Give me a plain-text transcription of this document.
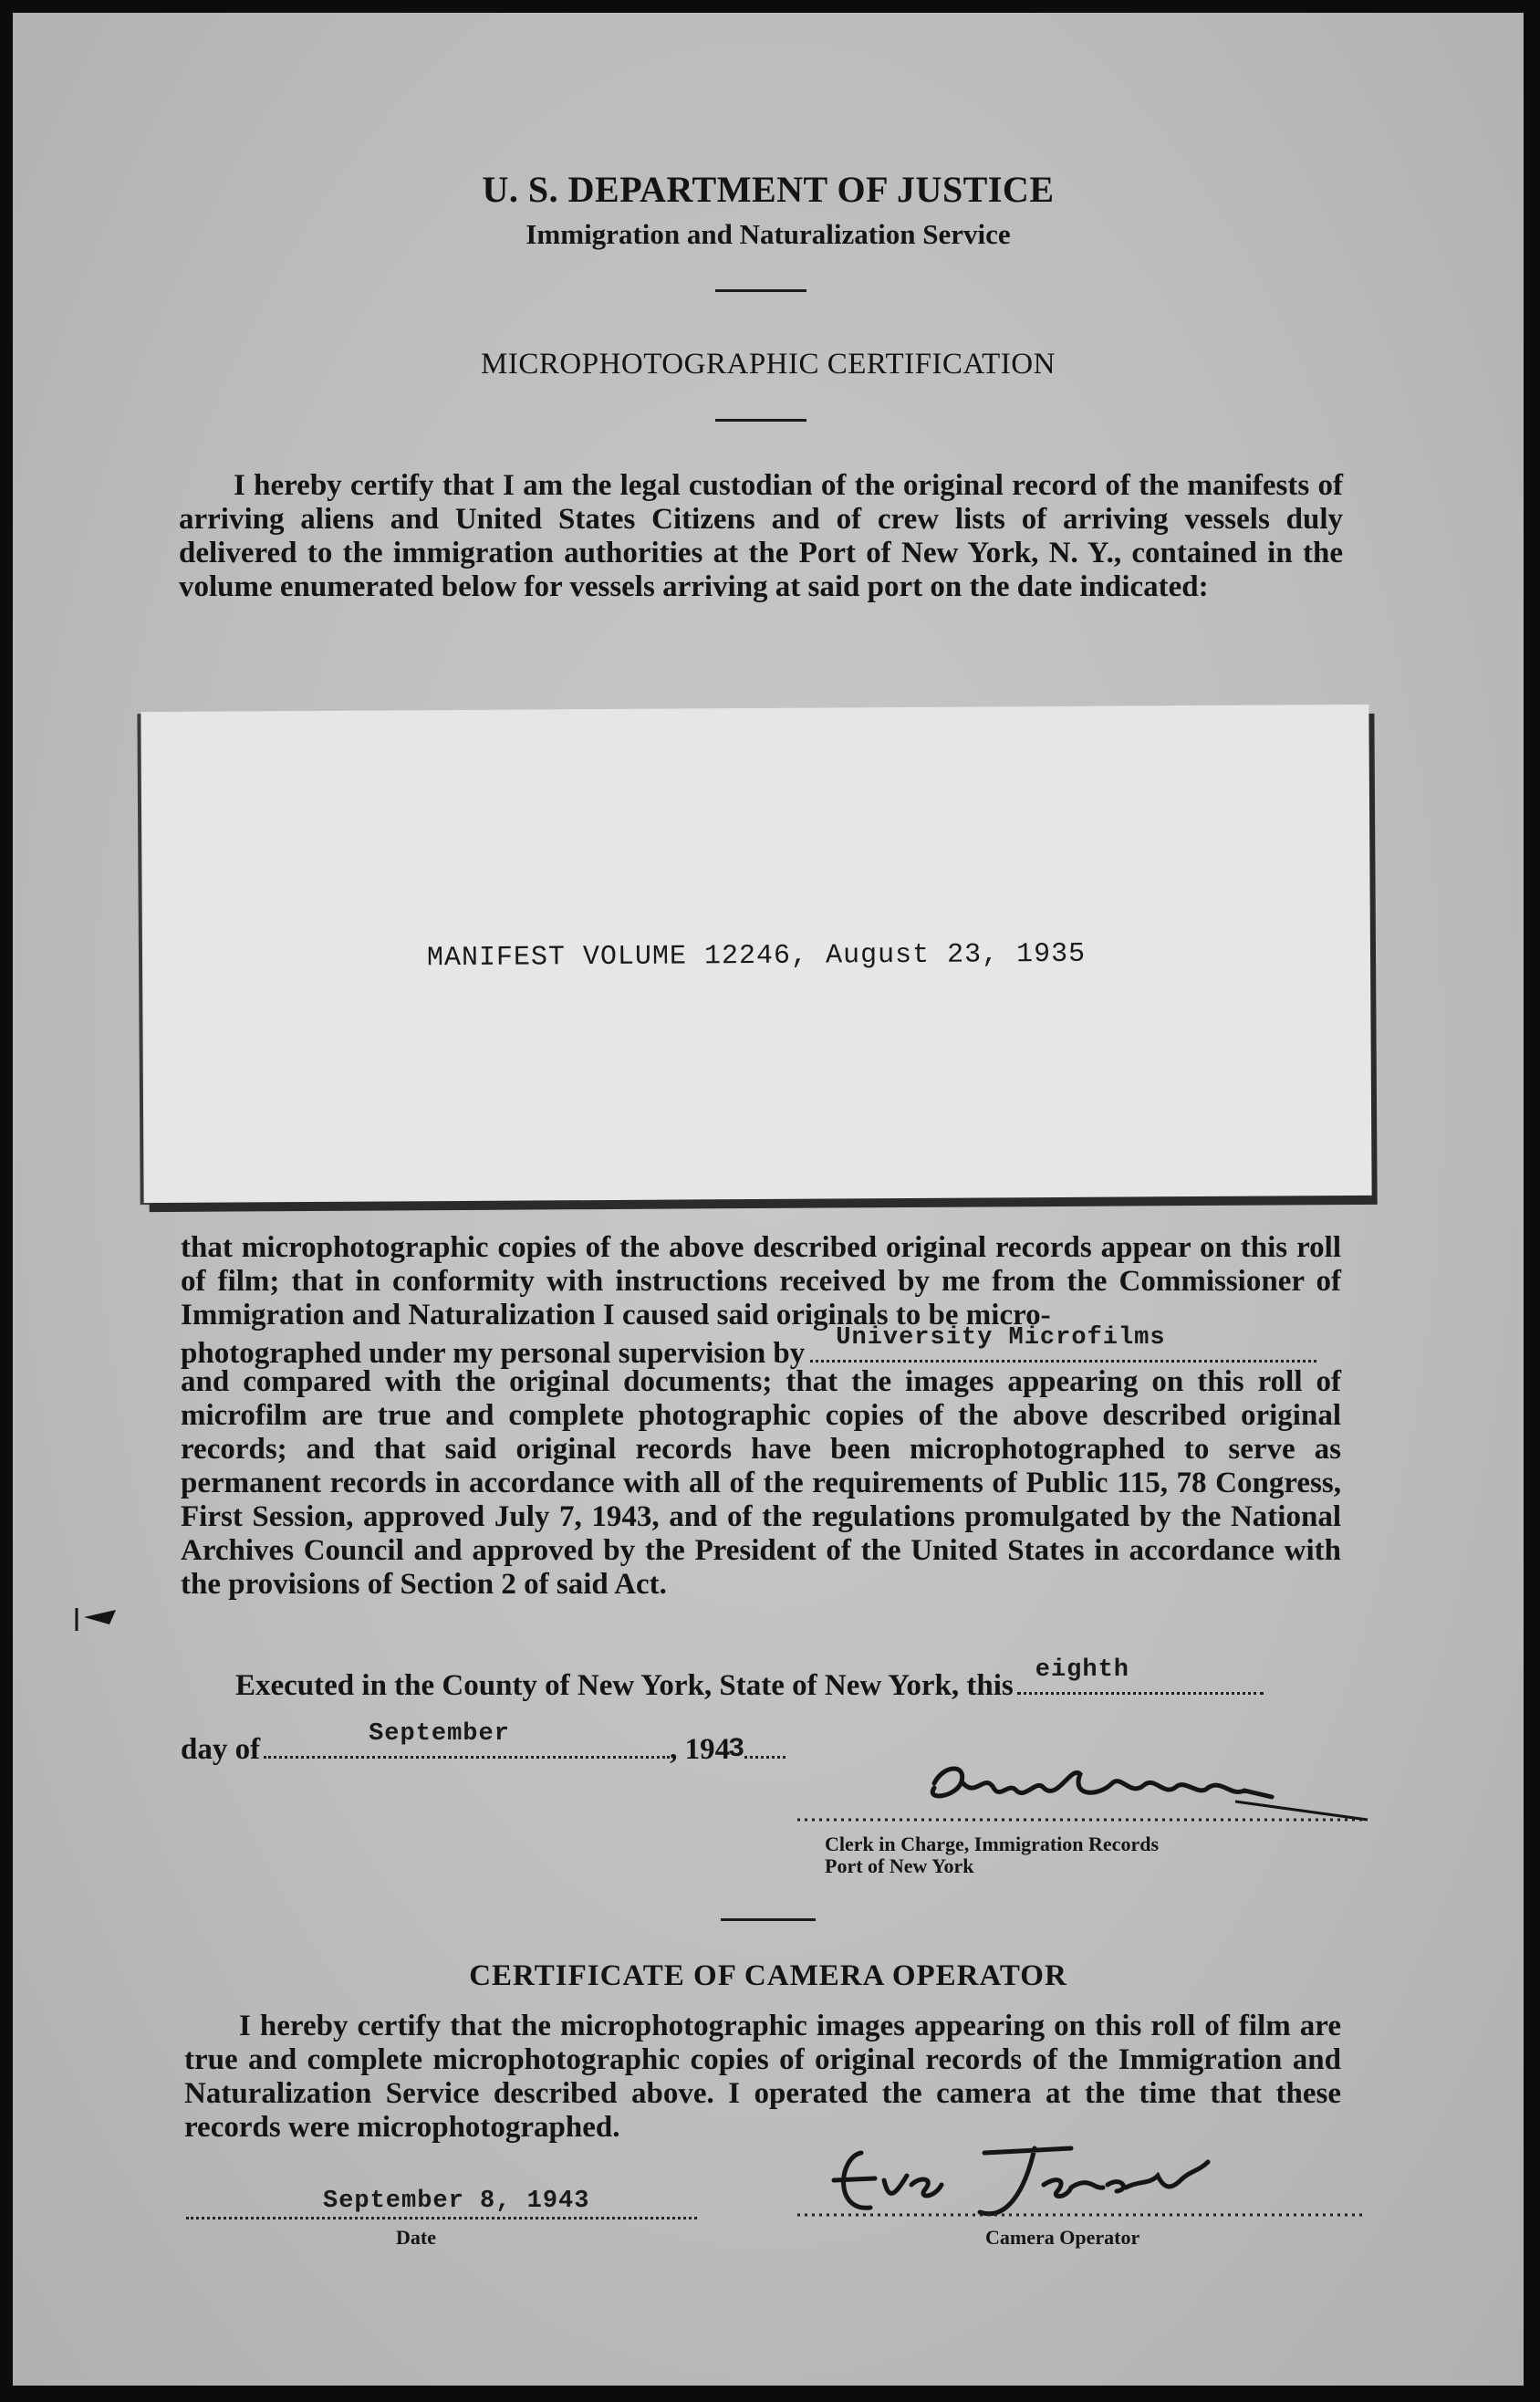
U. S. DEPARTMENT OF JUSTICE
Immigration and Naturalization Service
MICROPHOTOGRAPHIC CERTIFICATION
I hereby certify that I am the legal custodian of the original record of the manifests of arriving aliens and United States Citizens and of crew lists of arriving vessels duly delivered to the immigration authorities at the Port of New York, N. Y., contained in the volume enumerated below for vessels arriving at said port on the date indicated:
MANIFEST VOLUME 12246, August 23, 1935
that microphotographic copies of the above described original records appear on this roll of film; that in conformity with instructions received by me from the Commissioner of Immigration and Naturalization I caused said originals to be micro-
photographed under my personal supervision by University Microfilms
and compared with the original documents; that the images appearing on this roll of microfilm are true and complete photographic copies of the above described original records; and that said original records have been microphotographed to serve as permanent records in accordance with all of the requirements of Public 115, 78 Congress, First Session, approved July 7, 1943, and of the regulations promulgated by the National Archives Council and approved by the President of the United States in accordance with the provisions of Section 2 of said Act.
Executed in the County of New York, State of New York, this eighth
day of	September	, 1943
Clerk in Charge, Immigration Records
Port of New York
CERTIFICATE OF CAMERA OPERATOR
I hereby certify that the microphotographic images appearing on this roll of film are true and complete microphotographic copies of original records of the Immigration and Naturalization Service described above. I operated the camera at the time that these records were microphotographed.
September 8, 1943
Date	Camera Operator
